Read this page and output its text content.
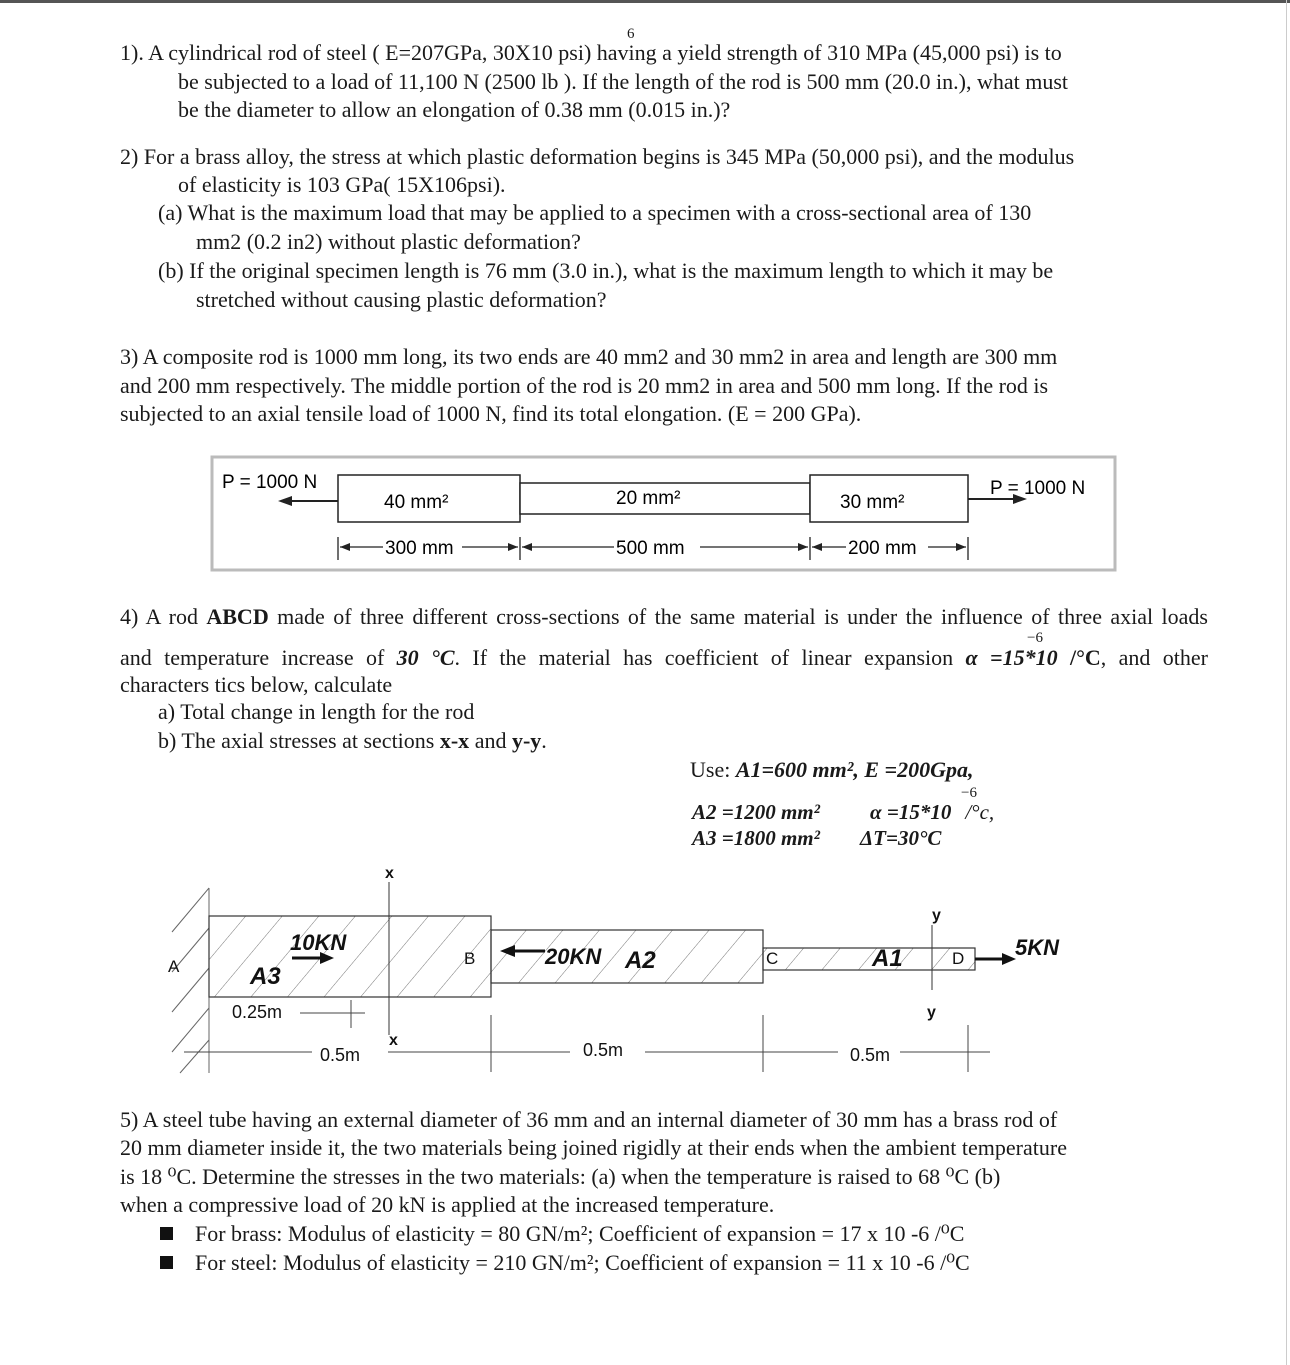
6
1). A cylindrical rod of steel ( E=207GPa, 30X10 psi) having a yield strength of 310 MPa (45,000 psi) is to
be subjected to a load of 11,100 N (2500 lb ). If the length of the rod is 500 mm (20.0 in.), what must
be the diameter to allow an elongation of 0.38 mm (0.015 in.)?
2) For a brass alloy, the stress at which plastic deformation begins is 345 MPa (50,000 psi), and the modulus
of elasticity is 103 GPa( 15X106psi).
(a) What is the maximum load that may be applied to a specimen with a cross-sectional area of 130
mm2 (0.2 in2) without plastic deformation?
(b) If the original specimen length is 76 mm (3.0 in.), what is the maximum length to which it may be
stretched without causing plastic deformation?
3) A composite rod is 1000 mm long, its two ends are 40 mm2 and 30 mm2 in area and length are 300 mm
and 200 mm respectively. The middle portion of the rod is 20 mm2 in area and 500 mm long. If the rod is
subjected to an axial tensile load of 1000 N, find its total elongation. (E = 200 GPa).
P = 1000 N	P = 1000 N
40 mm²	20 mm²	30 mm²
300 mm	500 mm	200 mm
4) A rod ABCD made of three different cross-sections of the same material is under the influence of three axial loads
−6
and temperature increase of 30 °C. If the material has coefficient of linear expansion α =15*10 /°C, and other
characters tics below, calculate
a) Total change in length for the rod
b) The axial stresses at sections x-x and y-y.
Use: A1=600 mm², E =200Gpa,
−6
A2 =1200 mm² α =15*10 /°c,
A3 =1800 mm² ΔT=30°C
A	B	C	D
A3
A2	A1
10KN
20KN	5KN
x
x
y
y
0.25m
0.5m	0.5m	0.5m
5) A steel tube having an external diameter of 36 mm and an internal diameter of 30 mm has a brass rod of
20 mm diameter inside it, the two materials being joined rigidly at their ends when the ambient temperature
is 18 ⁰C. Determine the stresses in the two materials: (a) when the temperature is raised to 68 ⁰C (b)
when a compressive load of 20 kN is applied at the increased temperature.
For brass: Modulus of elasticity = 80 GN/m²; Coefficient of expansion = 17 x 10 -6 /⁰C
For steel: Modulus of elasticity = 210 GN/m²; Coefficient of expansion = 11 x 10 -6 /⁰C
